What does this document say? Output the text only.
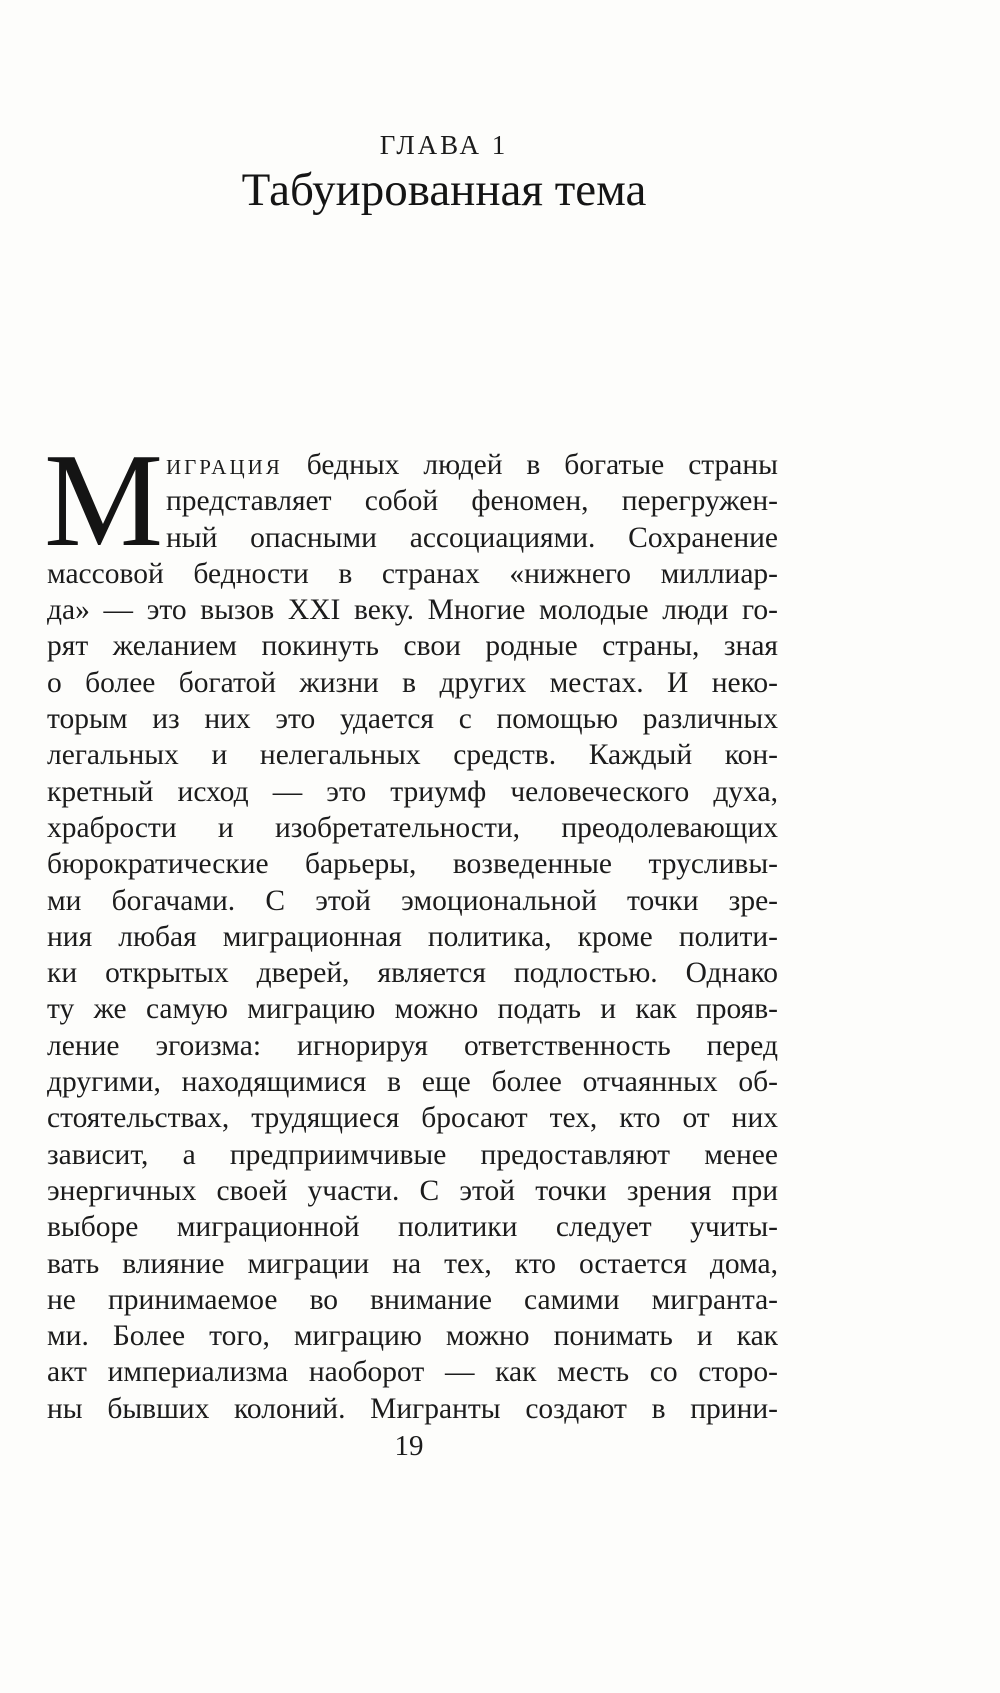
ГЛАВА 1
Табуированная тема
М играция бедных людей в богатые страны
представляет собой феномен, перегружен-
ный опасными ассоциациями. Сохранение
массовой бедности в странах «нижнего миллиар-
да» — это вызов XXI веку. Многие молодые люди го-
рят желанием покинуть свои родные страны, зная
о более богатой жизни в других местах. И неко-
торым из них это удается с помощью различных
легальных и нелегальных средств. Каждый кон-
кретный исход — это триумф человеческого духа,
храбрости и изобретательности, преодолевающих
бюрократические барьеры, возведенные трусливы-
ми богачами. С этой эмоциональной точки зре-
ния любая миграционная политика, кроме полити-
ки открытых дверей, является подлостью. Однако
ту же самую миграцию можно подать и как прояв-
ление эгоизма: игнорируя ответственность перед
другими, находящимися в еще более отчаянных об-
стоятельствах, трудящиеся бросают тех, кто от них
зависит, а предприимчивые предоставляют менее
энергичных своей участи. С этой точки зрения при
выборе миграционной политики следует учиты-
вать влияние миграции на тех, кто остается дома,
не принимаемое во внимание самими мигранта-
ми. Более того, миграцию можно понимать и как
акт империализма наоборот — как месть со сторо-
ны бывших колоний. Мигранты создают в прини-
19
